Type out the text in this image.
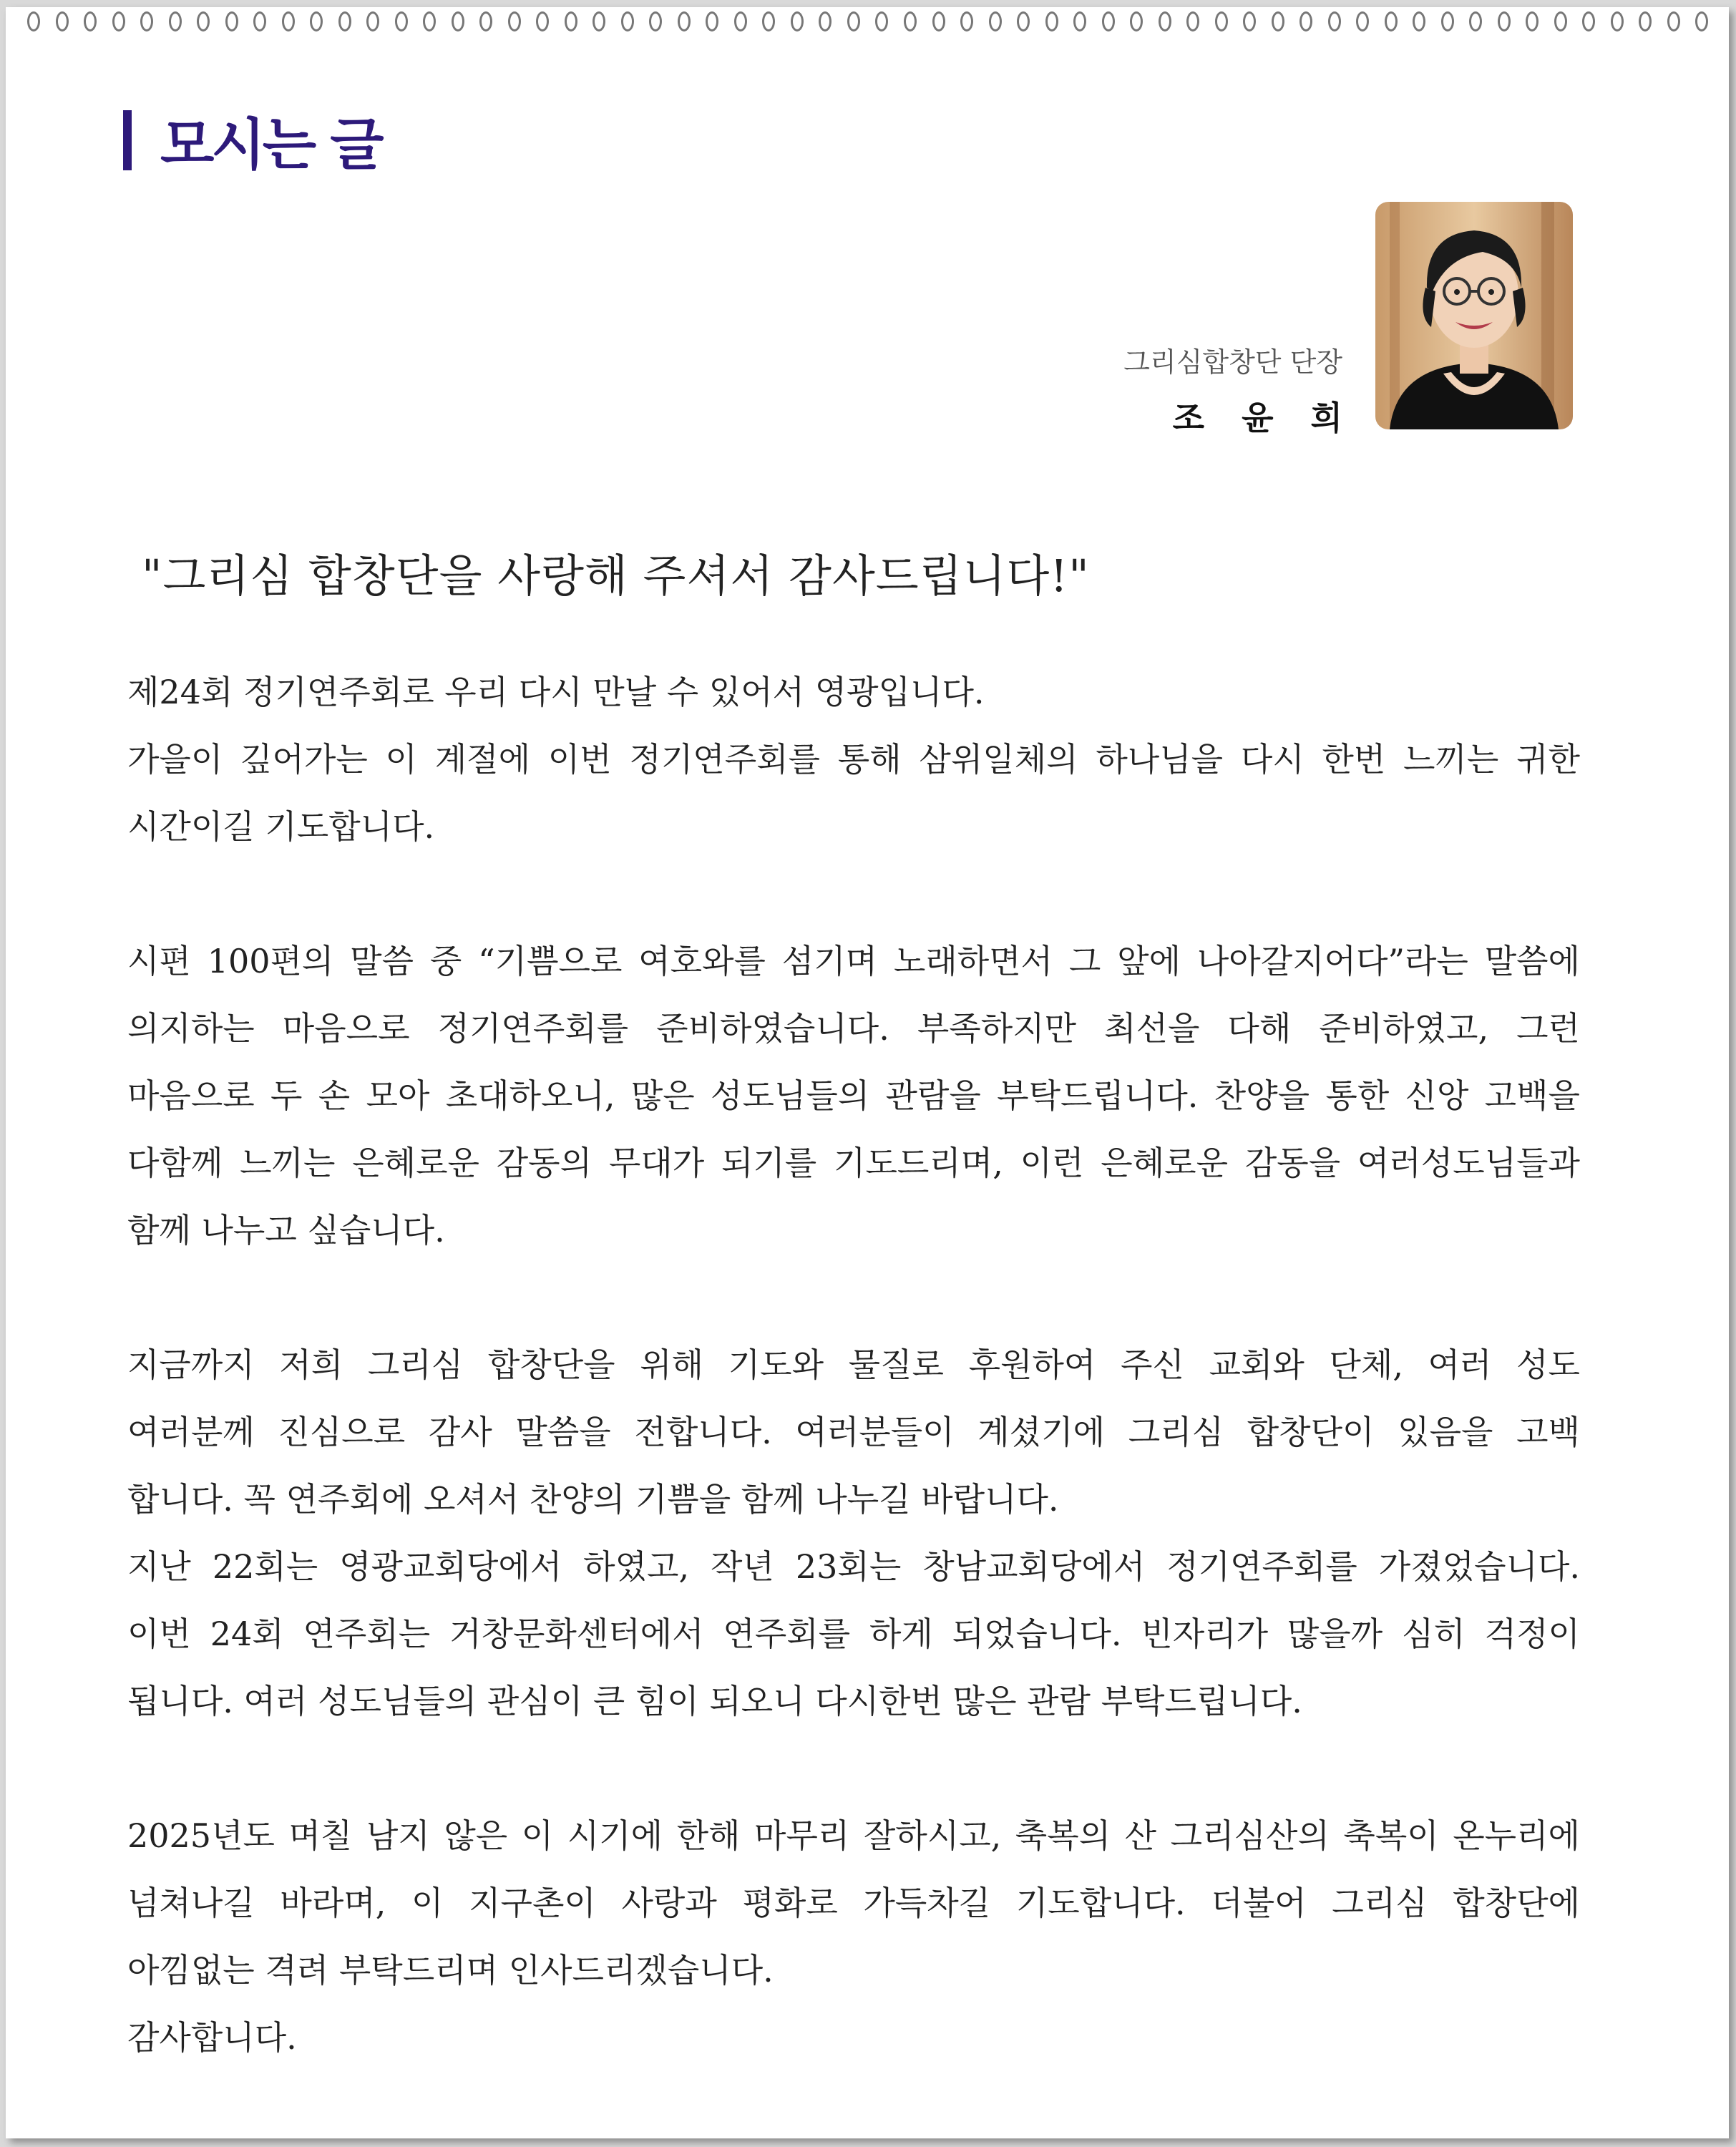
모시는 글
그리심합창단 단장
조 윤 희
"그리심 합창단을 사랑해 주셔서 감사드립니다!"
제24회 정기연주회로 우리 다시 만날 수 있어서 영광입니다.
가을이 깊어가는 이 계절에 이번 정기연주회를 통해 삼위일체의 하나님을 다시 한번 느끼는 귀한
시간이길 기도합니다.
시편 100편의 말씀 중 “기쁨으로 여호와를 섬기며 노래하면서 그 앞에 나아갈지어다”라는 말씀에
의지하는 마음으로 정기연주회를 준비하였습니다. 부족하지만 최선을 다해 준비하였고, 그런
마음으로 두 손 모아 초대하오니, 많은 성도님들의 관람을 부탁드립니다. 찬양을 통한 신앙 고백을
다함께 느끼는 은혜로운 감동의 무대가 되기를 기도드리며, 이런 은혜로운 감동을 여러성도님들과
함께 나누고 싶습니다.
지금까지 저희 그리심 합창단을 위해 기도와 물질로 후원하여 주신 교회와 단체, 여러 성도
여러분께 진심으로 감사 말씀을 전합니다. 여러분들이 계셨기에 그리심 합창단이 있음을 고백
합니다. 꼭 연주회에 오셔서 찬양의 기쁨을 함께 나누길 바랍니다.
지난 22회는 영광교회당에서 하였고, 작년 23회는 창남교회당에서 정기연주회를 가졌었습니다.
이번 24회 연주회는 거창문화센터에서 연주회를 하게 되었습니다. 빈자리가 많을까 심히 걱정이
됩니다. 여러 성도님들의 관심이 큰 힘이 되오니 다시한번 많은 관람 부탁드립니다.
2025년도 며칠 남지 않은 이 시기에 한해 마무리 잘하시고, 축복의 산 그리심산의 축복이 온누리에
넘쳐나길 바라며, 이 지구촌이 사랑과 평화로 가득차길 기도합니다. 더불어 그리심 합창단에
아낌없는 격려 부탁드리며 인사드리겠습니다.
감사합니다.
